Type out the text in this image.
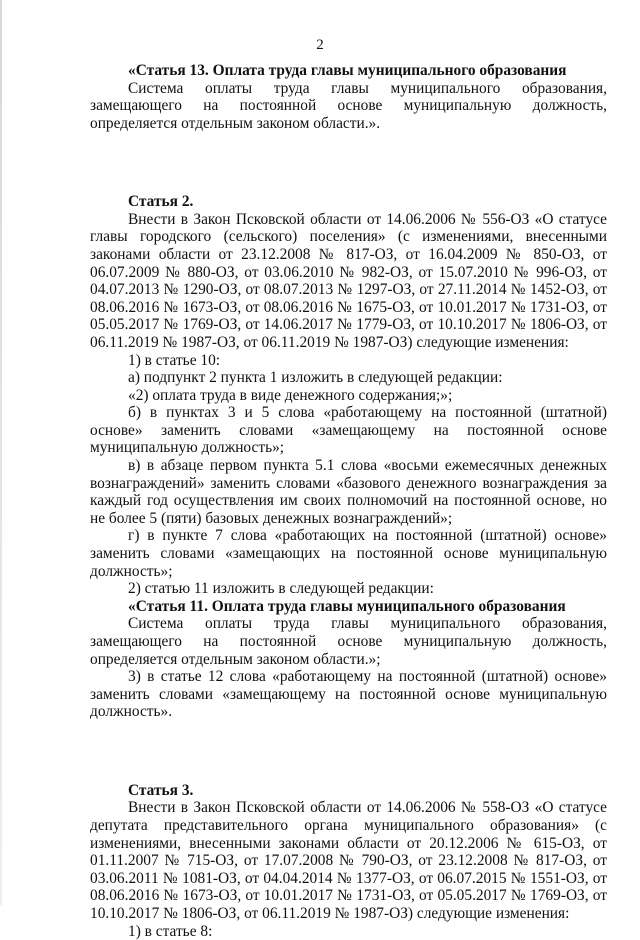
2

«Статья 13. Оплата труда главы муниципального образования

Система оплаты труда главы муниципального образования, замещающего на постоянной основе муниципальную должность, определяется отдельным законом области.».

Статья 2.

Внести в Закон Псковской области от 14.06.2006 № 556-ОЗ «О статусе главы городского (сельского) поселения» (с изменениями, внесенными законами области от 23.12.2008 № 817-ОЗ, от 16.04.2009 № 850-ОЗ, от 06.07.2009 № 880-ОЗ, от 03.06.2010 № 982-ОЗ, от 15.07.2010 № 996-ОЗ, от 04.07.2013 № 1290-ОЗ, от 08.07.2013 № 1297-ОЗ, от 27.11.2014 № 1452-ОЗ, от 08.06.2016 № 1673-ОЗ, от 08.06.2016 № 1675-ОЗ, от 10.01.2017 № 1731-ОЗ, от 05.05.2017 № 1769-ОЗ, от 14.06.2017 № 1779-ОЗ, от 10.10.2017 № 1806-ОЗ, от 06.11.2019 № 1987-ОЗ, от 06.11.2019 № 1987-ОЗ) следующие изменения:

1) в статье 10:

а) подпункт 2 пункта 1 изложить в следующей редакции:

«2) оплата труда в виде денежного содержания;»;

б) в пунктах 3 и 5 слова «работающему на постоянной (штатной) основе» заменить словами «замещающему на постоянной основе муниципальную должность»;

в) в абзаце первом пункта 5.1 слова «восьми ежемесячных денежных вознаграждений» заменить словами «базового денежного вознаграждения за каждый год осуществления им своих полномочий на постоянной основе, но не более 5 (пяти) базовых денежных вознаграждений»;

г) в пункте 7 слова «работающих на постоянной (штатной) основе» заменить словами «замещающих на постоянной основе муниципальную должность»;

2) статью 11 изложить в следующей редакции:

«Статья 11. Оплата труда главы муниципального образования

Система оплаты труда главы муниципального образования, замещающего на постоянной основе муниципальную должность, определяется отдельным законом области.»;

3) в статье 12 слова «работающему на постоянной (штатной) основе» заменить словами «замещающему на постоянной основе муниципальную должность».

Статья 3.

Внести в Закон Псковской области от 14.06.2006 № 558-ОЗ «О статусе депутата представительного органа муниципального образования» (с изменениями, внесенными законами области от 20.12.2006 № 615-ОЗ, от 01.11.2007 № 715-ОЗ, от 17.07.2008 № 790-ОЗ, от 23.12.2008 № 817-ОЗ, от 03.06.2011 № 1081-ОЗ, от 04.04.2014 № 1377-ОЗ, от 06.07.2015 № 1551-ОЗ, от 08.06.2016 № 1673-ОЗ, от 10.01.2017 № 1731-ОЗ, от 05.05.2017 № 1769-ОЗ, от 10.10.2017 № 1806-ОЗ, от 06.11.2019 № 1987-ОЗ) следующие изменения:

1) в статье 8:
